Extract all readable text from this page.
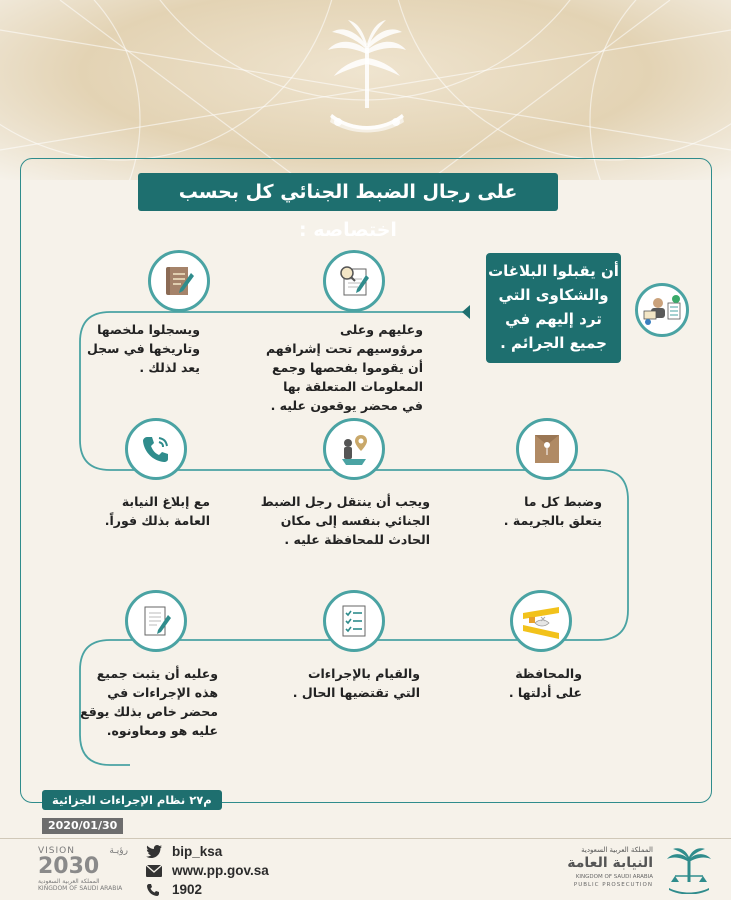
على رجال الضبط الجنائي كل بحسب اختصاصه :
أن يقبلوا البلاغات
والشكاوى التي
ترد إليهم في
جميع الجرائم .
ويسجلوا ملخصها
وتاريخها في سجل
يعد لذلك .
وعليهم وعلى
مرؤوسيهم تحت إشرافهم
أن يقوموا بفحصها وجمع
المعلومات المتعلقة بها
في محضر يوقعون عليه .
مع إبلاغ النيابة
العامة بذلك فوراً.
ويجب أن ينتقل رجل الضبط
الجنائي بنفسه إلى مكان
الحادث للمحافظة عليه .
وضبط كل ما
يتعلق بالجريمة .
وعليه أن يثبت جميع
هذه الإجراءات في
محضر خاص بذلك يوقع
عليه هو ومعاونوه.
والقيام بالإجراءات
التي تقتضيها الحال .
والمحافظة
على أدلتها .
م٢٧ نظام الإجراءات الجزائية
2020/01/30
VISION	رؤيـة
2030
المملكة العربية السعودية
KINGDOM OF SAUDI ARABIA
bip_ksa
www.pp.gov.sa
1902
المملكة العربية السعودية
النيابة العامة
KINGDOM OF SAUDI ARABIA
PUBLIC PROSECUTION
